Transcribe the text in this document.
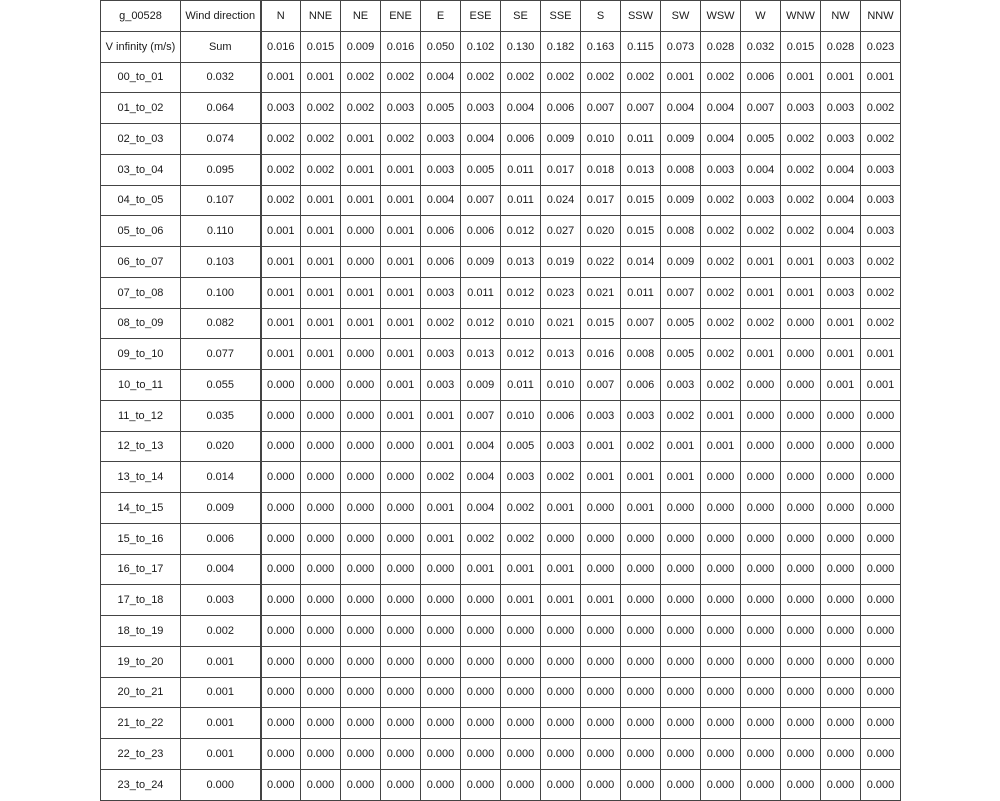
g_00528	Wind direction	N	NNE	NE	ENE	E	ESE	SE	SSE	S	SSW	SW	WSW	W	WNW	NW	NNW
V infinity (m/s)	Sum	0.016	0.015	0.009	0.016	0.050	0.102	0.130	0.182	0.163	0.115	0.073	0.028	0.032	0.015	0.028	0.023
00_to_01	0.032	0.001	0.001	0.002	0.002	0.004	0.002	0.002	0.002	0.002	0.002	0.001	0.002	0.006	0.001	0.001	0.001
01_to_02	0.064	0.003	0.002	0.002	0.003	0.005	0.003	0.004	0.006	0.007	0.007	0.004	0.004	0.007	0.003	0.003	0.002
02_to_03	0.074	0.002	0.002	0.001	0.002	0.003	0.004	0.006	0.009	0.010	0.011	0.009	0.004	0.005	0.002	0.003	0.002
03_to_04	0.095	0.002	0.002	0.001	0.001	0.003	0.005	0.011	0.017	0.018	0.013	0.008	0.003	0.004	0.002	0.004	0.003
04_to_05	0.107	0.002	0.001	0.001	0.001	0.004	0.007	0.011	0.024	0.017	0.015	0.009	0.002	0.003	0.002	0.004	0.003
05_to_06	0.110	0.001	0.001	0.000	0.001	0.006	0.006	0.012	0.027	0.020	0.015	0.008	0.002	0.002	0.002	0.004	0.003
06_to_07	0.103	0.001	0.001	0.000	0.001	0.006	0.009	0.013	0.019	0.022	0.014	0.009	0.002	0.001	0.001	0.003	0.002
07_to_08	0.100	0.001	0.001	0.001	0.001	0.003	0.011	0.012	0.023	0.021	0.011	0.007	0.002	0.001	0.001	0.003	0.002
08_to_09	0.082	0.001	0.001	0.001	0.001	0.002	0.012	0.010	0.021	0.015	0.007	0.005	0.002	0.002	0.000	0.001	0.002
09_to_10	0.077	0.001	0.001	0.000	0.001	0.003	0.013	0.012	0.013	0.016	0.008	0.005	0.002	0.001	0.000	0.001	0.001
10_to_11	0.055	0.000	0.000	0.000	0.001	0.003	0.009	0.011	0.010	0.007	0.006	0.003	0.002	0.000	0.000	0.001	0.001
11_to_12	0.035	0.000	0.000	0.000	0.001	0.001	0.007	0.010	0.006	0.003	0.003	0.002	0.001	0.000	0.000	0.000	0.000
12_to_13	0.020	0.000	0.000	0.000	0.000	0.001	0.004	0.005	0.003	0.001	0.002	0.001	0.001	0.000	0.000	0.000	0.000
13_to_14	0.014	0.000	0.000	0.000	0.000	0.002	0.004	0.003	0.002	0.001	0.001	0.001	0.000	0.000	0.000	0.000	0.000
14_to_15	0.009	0.000	0.000	0.000	0.000	0.001	0.004	0.002	0.001	0.000	0.001	0.000	0.000	0.000	0.000	0.000	0.000
15_to_16	0.006	0.000	0.000	0.000	0.000	0.001	0.002	0.002	0.000	0.000	0.000	0.000	0.000	0.000	0.000	0.000	0.000
16_to_17	0.004	0.000	0.000	0.000	0.000	0.000	0.001	0.001	0.001	0.000	0.000	0.000	0.000	0.000	0.000	0.000	0.000
17_to_18	0.003	0.000	0.000	0.000	0.000	0.000	0.000	0.001	0.001	0.001	0.000	0.000	0.000	0.000	0.000	0.000	0.000
18_to_19	0.002	0.000	0.000	0.000	0.000	0.000	0.000	0.000	0.000	0.000	0.000	0.000	0.000	0.000	0.000	0.000	0.000
19_to_20	0.001	0.000	0.000	0.000	0.000	0.000	0.000	0.000	0.000	0.000	0.000	0.000	0.000	0.000	0.000	0.000	0.000
20_to_21	0.001	0.000	0.000	0.000	0.000	0.000	0.000	0.000	0.000	0.000	0.000	0.000	0.000	0.000	0.000	0.000	0.000
21_to_22	0.001	0.000	0.000	0.000	0.000	0.000	0.000	0.000	0.000	0.000	0.000	0.000	0.000	0.000	0.000	0.000	0.000
22_to_23	0.001	0.000	0.000	0.000	0.000	0.000	0.000	0.000	0.000	0.000	0.000	0.000	0.000	0.000	0.000	0.000	0.000
23_to_24	0.000	0.000	0.000	0.000	0.000	0.000	0.000	0.000	0.000	0.000	0.000	0.000	0.000	0.000	0.000	0.000	0.000
